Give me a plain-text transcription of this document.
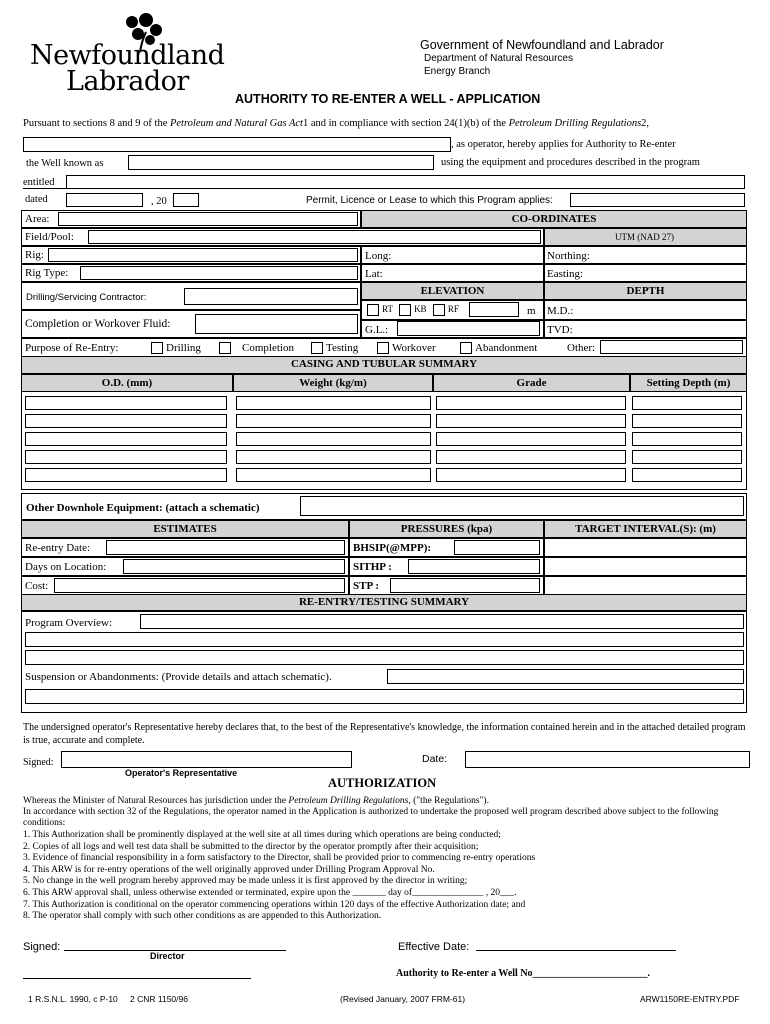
Newfoundland
Labrador
Government of Newfoundland and Labrador
Department of Natural Resources
Energy Branch
AUTHORITY TO RE-ENTER A WELL - APPLICATION
Pursuant to sections 8 and 9 of the Petroleum and Natural Gas Act1 and in compliance with section 24(1)(b) of the Petroleum Drilling Regulations2,
, as operator, hereby applies for Authority to Re-enter
the Well known as	using the equipment and procedures described in the program
entitled
dated	, 20	Permit, Licence or Lease to which this Program applies:
Area:	CO-ORDINATES
Field/Pool:	UTM (NAD 27)
Rig:	Long:	Northing:
Rig Type:	Lat:	Easting:
Drilling/Servicing Contractor:
ELEVATION	DEPTH
RT KB RF	m M.D.:
Completion or Workover Fluid:	G.L.:	TVD:
Purpose of Re-Entry:	Drilling	Completion	Testing	Workover	Abandonment	Other:
CASING AND TUBULAR SUMMARY
O.D. (mm)	Weight (kg/m)	Grade	Setting Depth (m)
Other Downhole Equipment: (attach a schematic)
ESTIMATES	PRESSURES (kpa)	TARGET INTERVAL(S): (m)
Re-entry Date:	BHSIP(@MPP):
Days on Location:	SITHP :
Cost:	STP :
RE-ENTRY/TESTING SUMMARY
Program Overview:
Suspension or Abandonments: (Provide details and attach schematic).
The undersigned operator's Representative hereby declares that, to the best of the Representative's knowledge, the information contained herein and in the attached detailed program is true, accurate and complete.
Signed:	Date:
Operator's Representative
AUTHORIZATION
Whereas the Minister of Natural Resources has jurisdiction under the Petroleum Drilling Regulations, ("the Regulations").
In accordance with section 32 of the Regulations, the operator named in the Application is authorized to undertake the proposed well program described above subject to the following conditions:
1. This Authorization shall be prominently displayed at the well site at all times during which operations are being conducted;
2. Copies of all logs and well test data shall be submitted to the director by the operator promptly after their acquisition;
3. Evidence of financial responsibility in a form satisfactory to the Director, shall be provided prior to commencing re-entry operations
4. This ARW is for re-entry operations of the well originally approved under Drilling Program Approval No.
5. No change in the well program hereby approved may be made unless it is first approved by the director in writing;
6. This ARW approval shall, unless otherwise extended or terminated, expire upon the _______ day of_______________ , 20___.
7. This Authorization is conditional on the operator commencing operations within 120 days of the effective Authorization date; and
8. The operator shall comply with such other conditions as are appended to this Authorization.
Signed:
Director
Effective Date:
Authority to Re-enter a Well No_______________________.
1 R.S.N.L. 1990, c P-10 2 CNR 1150/96	(Revised January, 2007 FRM-61)	ARW1150RE-ENTRY.PDF
